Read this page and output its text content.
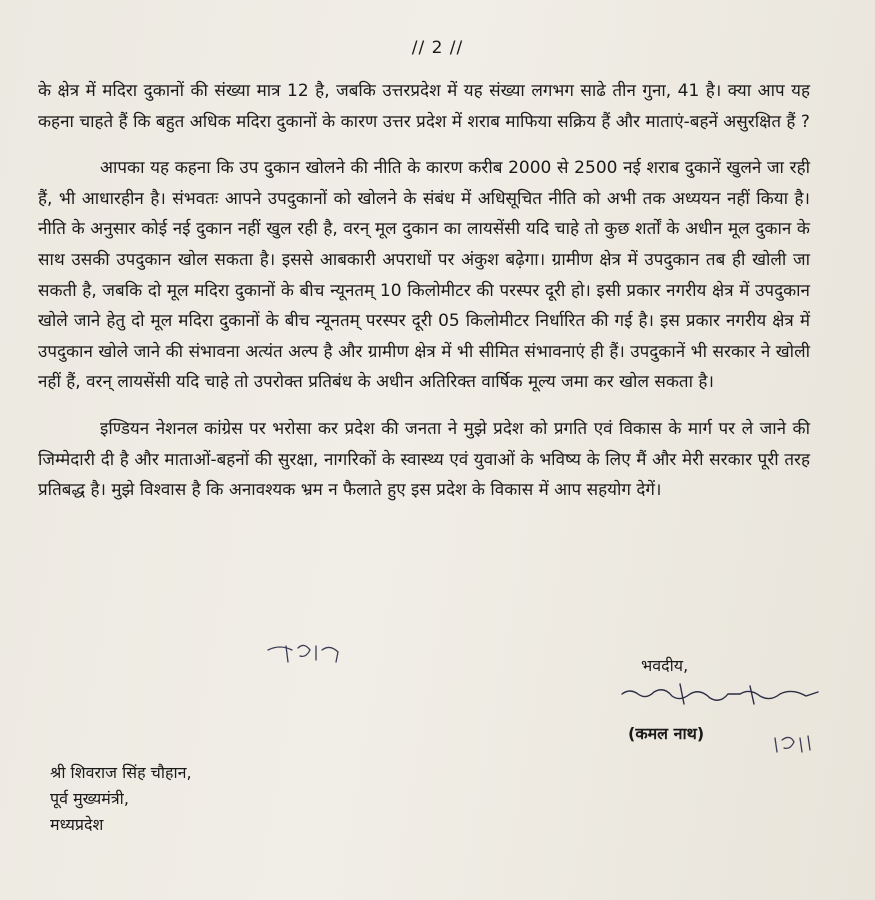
// 2 //

के क्षेत्र में मदिरा दुकानों की संख्या मात्र 12 है, जबकि उत्तरप्रदेश में यह संख्या लगभग साढे तीन गुना, 41 है। क्या आप यह कहना चाहते हैं कि बहुत अधिक मदिरा दुकानों के कारण उत्तर प्रदेश में शराब माफिया सक्रिय हैं और माताएं-बहनें असुरक्षित हैं ?

आपका यह कहना कि उप दुकान खोलने की नीति के कारण करीब 2000 से 2500 नई शराब दुकानें खुलने जा रही हैं, भी आधारहीन है। संभवतः आपने उपदुकानों को खोलने के संबंध में अधिसूचित नीति को अभी तक अध्ययन नहीं किया है। नीति के अनुसार कोई नई दुकान नहीं खुल रही है, वरन् मूल दुकान का लायसेंसी यदि चाहे तो कुछ शर्तों के अधीन मूल दुकान के साथ उसकी उपदुकान खोल सकता है। इससे आबकारी अपराधों पर अंकुश बढ़ेगा। ग्रामीण क्षेत्र में उपदुकान तब ही खोली जा सकती है, जबकि दो मूल मदिरा दुकानों के बीच न्यूनतम् 10 किलोमीटर की परस्पर दूरी हो। इसी प्रकार नगरीय क्षेत्र में उपदुकान खोले जाने हेतु दो मूल मदिरा दुकानों के बीच न्यूनतम् परस्पर दूरी 05 किलोमीटर निर्धारित की गई है। इस प्रकार नगरीय क्षेत्र में उपदुकान खोले जाने की संभावना अत्यंत अल्प है और ग्रामीण क्षेत्र में भी सीमित संभावनाएं ही हैं। उपदुकानें भी सरकार ने खोली नहीं हैं, वरन् लायसेंसी यदि चाहे तो उपरोक्त प्रतिबंध के अधीन अतिरिक्त वार्षिक मूल्य जमा कर खोल सकता है।

इण्डियन नेशनल कांग्रेस पर भरोसा कर प्रदेश की जनता ने मुझे प्रदेश को प्रगति एवं विकास के मार्ग पर ले जाने की जिम्मेदारी दी है और माताओं-बहनों की सुरक्षा, नागरिकों के स्वास्थ्य एवं युवाओं के भविष्य के लिए मैं और मेरी सरकार पूरी तरह प्रतिबद्ध है। मुझे विश्वास है कि अनावश्यक भ्रम न फैलाते हुए इस प्रदेश के विकास में आप सहयोग देगें।

भवदीय,
(कमल नाथ)
श्री शिवराज सिंह चौहान,
पूर्व मुख्यमंत्री,
मध्यप्रदेश
